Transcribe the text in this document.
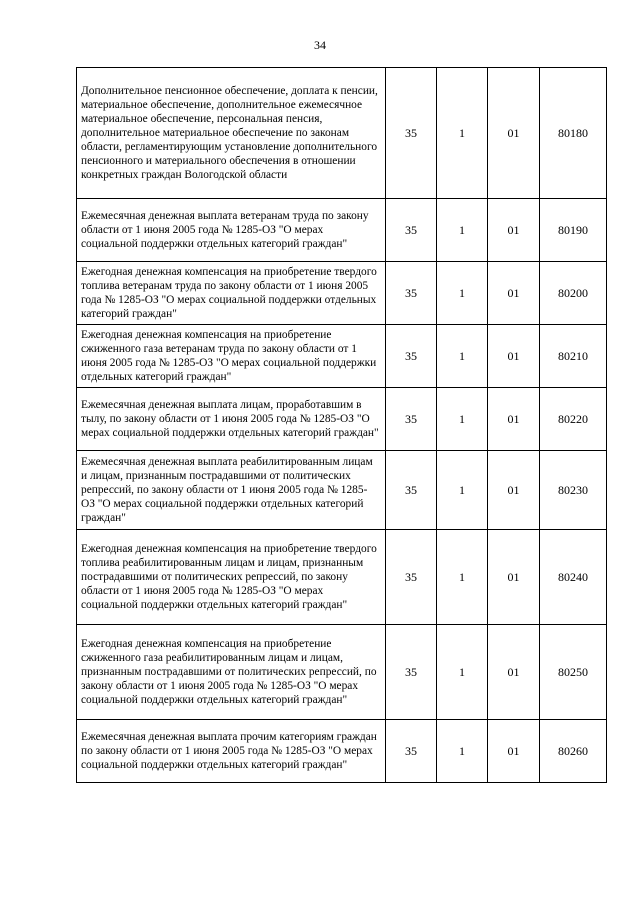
34
Дополнительное пенсионное обеспечение, доплата к пенсии, материальное обеспечение, дополнительное ежемесячное материальное обеспечение, персональная пенсия, дополнительное материальное обеспечение по законам области, регламентирующим установление дополнительного пенсионного и материального обеспечения в отношении конкретных граждан Вологодской области	35	1	01	80180
Ежемесячная денежная выплата ветеранам труда по закону области от 1 июня 2005 года № 1285-ОЗ "О мерах социальной поддержки отдельных категорий граждан"	35	1	01	80190
Ежегодная денежная компенсация на приобретение твердого топлива ветеранам труда по закону области от 1 июня 2005 года № 1285-ОЗ "О мерах социальной поддержки отдельных категорий граждан"	35	1	01	80200
Ежегодная денежная компенсация на приобретение сжиженного газа ветеранам труда по закону области от 1 июня 2005 года № 1285-ОЗ "О мерах социальной поддержки отдельных категорий граждан"	35	1	01	80210
Ежемесячная денежная выплата лицам, проработавшим в тылу, по закону области от 1 июня 2005 года № 1285-ОЗ "О мерах социальной поддержки отдельных категорий граждан"	35	1	01	80220
Ежемесячная денежная выплата реабилитированным лицам и лицам, признанным пострадавшими от политических репрессий, по закону области от 1 июня 2005 года № 1285-ОЗ "О мерах социальной поддержки отдельных категорий граждан"	35	1	01	80230
Ежегодная денежная компенсация на приобретение твердого топлива реабилитированным лицам и лицам, признанным пострадавшими от политических репрессий, по закону области от 1 июня 2005 года № 1285-ОЗ "О мерах социальной поддержки отдельных категорий граждан"	35	1	01	80240
Ежегодная денежная компенсация на приобретение сжиженного газа реабилитированным лицам и лицам, признанным пострадавшими от политических репрессий, по закону области от 1 июня 2005 года № 1285-ОЗ "О мерах социальной поддержки отдельных категорий граждан"	35	1	01	80250
Ежемесячная денежная выплата прочим категориям граждан по закону области от 1 июня 2005 года № 1285-ОЗ "О мерах социальной поддержки отдельных категорий граждан"	35	1	01	80260
